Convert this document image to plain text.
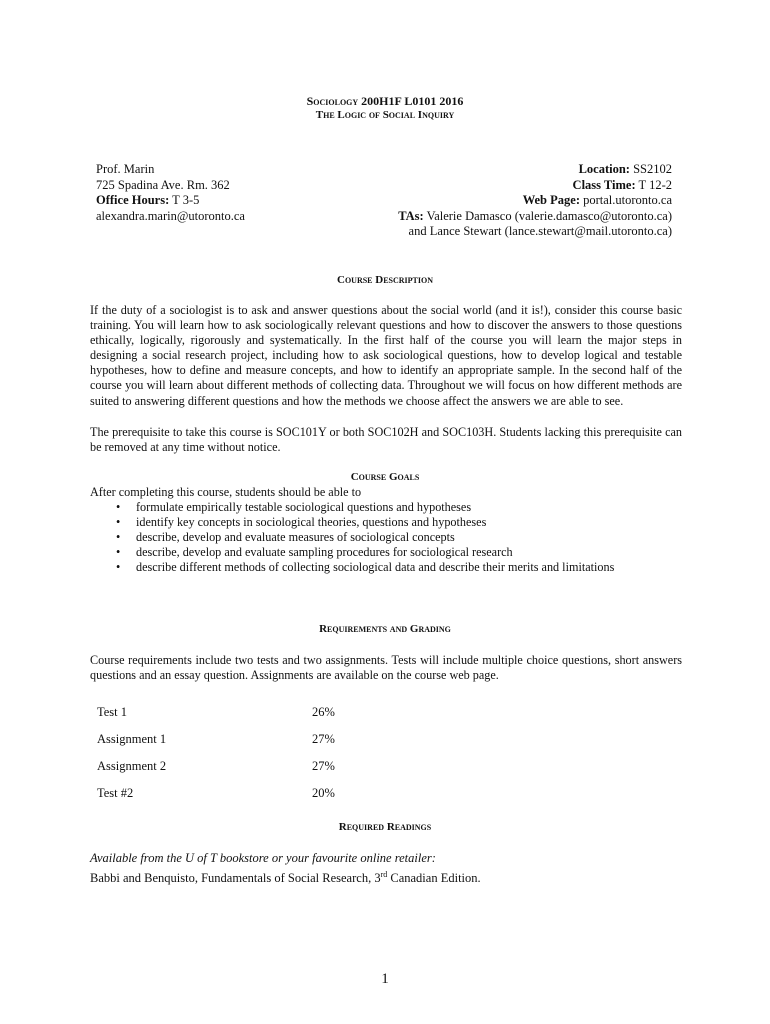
Sociology 200H1F L0101 2016
The Logic of Social Inquiry
Prof. Marin
725 Spadina Ave. Rm. 362
Office Hours: T 3-5
alexandra.marin@utoronto.ca
Location: SS2102
Class Time: T 12-2
Web Page: portal.utoronto.ca
TAs: Valerie Damasco (valerie.damasco@utoronto.ca)
and Lance Stewart (lance.stewart@mail.utoronto.ca)
Course Description
If the duty of a sociologist is to ask and answer questions about the social world (and it is!), consider this course basic training. You will learn how to ask sociologically relevant questions and how to discover the answers to those questions ethically, logically, rigorously and systematically. In the first half of the course you will learn the major steps in designing a social research project, including how to ask sociological questions, how to develop logical and testable hypotheses, how to define and measure concepts, and how to identify an appropriate sample. In the second half of the course you will learn about different methods of collecting data. Throughout we will focus on how different methods are suited to answering different questions and how the methods we choose affect the answers we are able to see.
The prerequisite to take this course is SOC101Y or both SOC102H and SOC103H. Students lacking this prerequisite can be removed at any time without notice.
Course Goals
After completing this course, students should be able to
• formulate empirically testable sociological questions and hypotheses
• identify key concepts in sociological theories, questions and hypotheses
• describe, develop and evaluate measures of sociological concepts
• describe, develop and evaluate sampling procedures for sociological research
• describe different methods of collecting sociological data and describe their merits and limitations
Requirements and Grading
Course requirements include two tests and two assignments. Tests will include multiple choice questions, short answers questions and an essay question. Assignments are available on the course web page.
Test 1	26%
Assignment 1	27%
Assignment 2	27%
Test #2	20%
Required Readings
Available from the U of T bookstore or your favourite online retailer:
Babbi and Benquisto, Fundamentals of Social Research, 3rd Canadian Edition.
1
